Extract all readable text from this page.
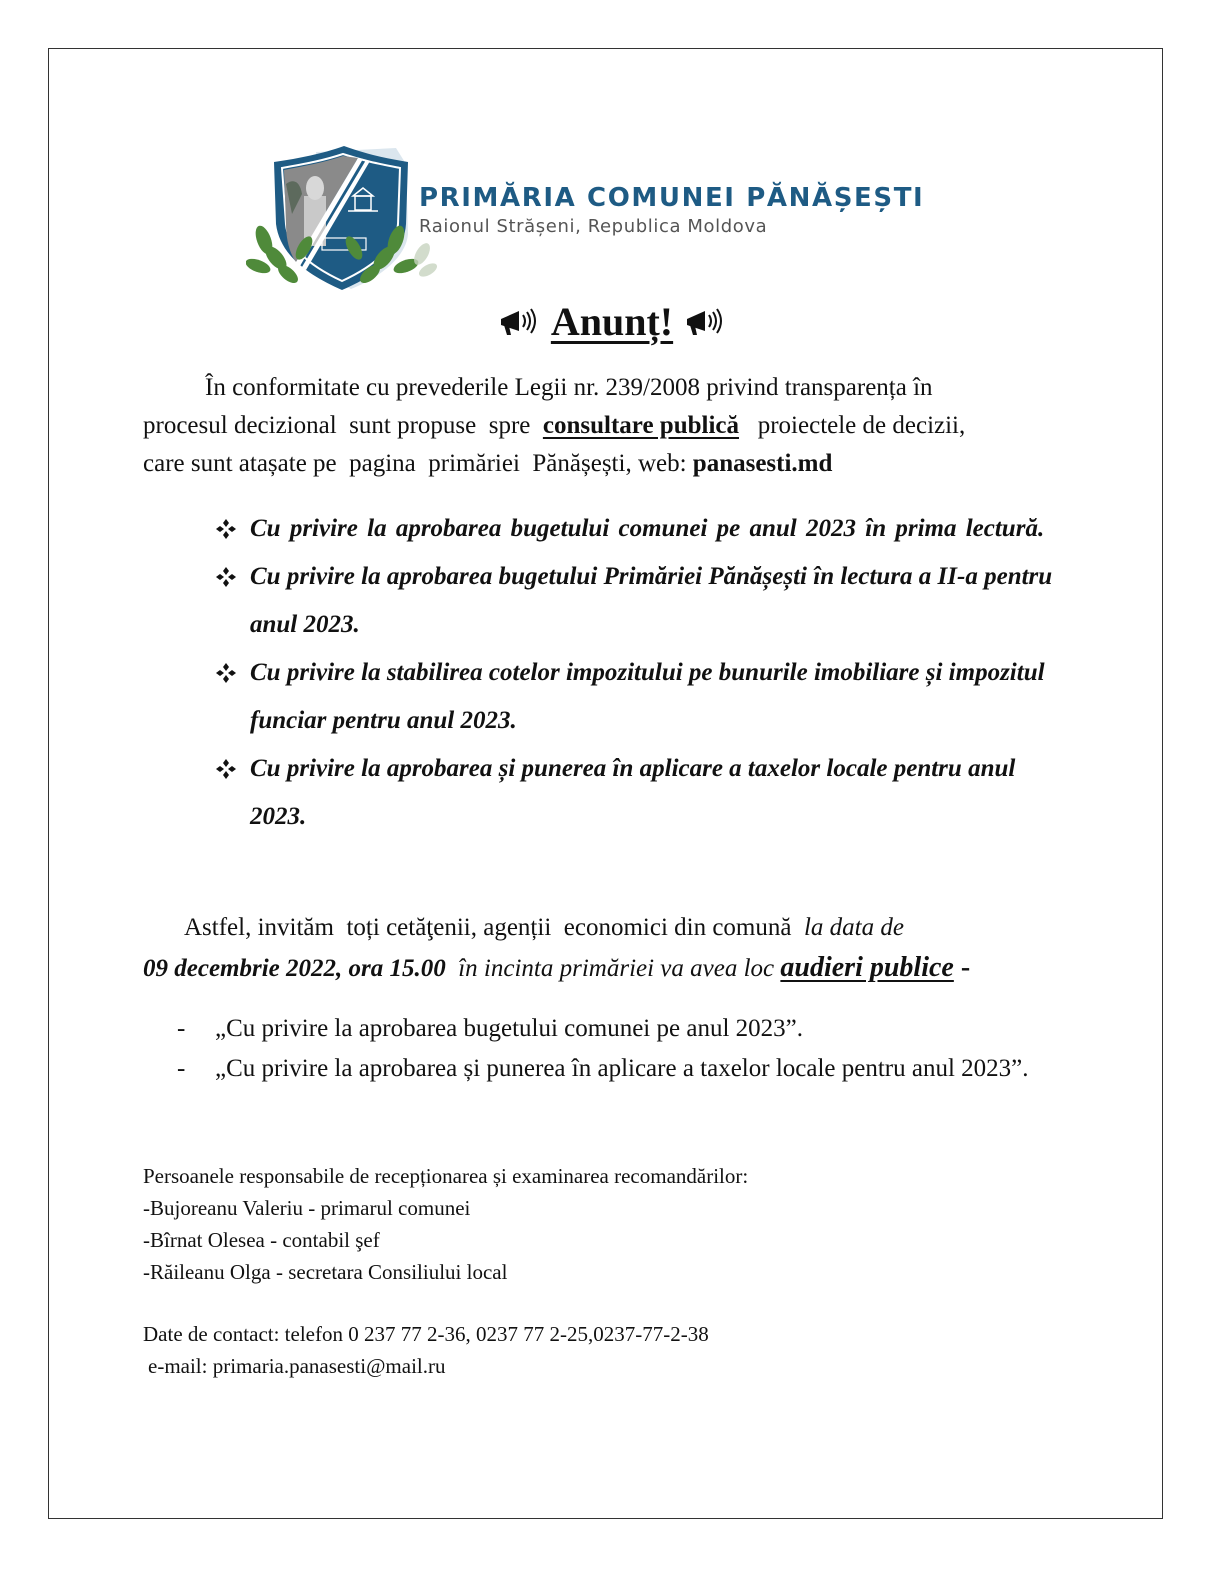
PRIMĂRIA COMUNEI PĂNĂȘEȘTI
Raionul Strășeni, Republica Moldova
Anunț!
În conformitate cu prevederile Legii nr. 239/2008 privind transparența în
procesul decizional  sunt propuse  spre  consultare publică   proiectele de decizii,
care sunt atașate pe  pagina  primăriei  Pănășești, web: panasesti.md
Cu privire la aprobarea bugetului comunei pe anul 2023 în prima lectură.
Cu privire la aprobarea bugetului Primăriei Pănășești în lectura a II-a pentru anul 2023.
Cu privire la stabilirea cotelor impozitului pe bunurile imobiliare și impozitul funciar pentru anul 2023.
Cu privire la aprobarea și punerea în aplicare a taxelor locale pentru anul 2023.
Astfel, invităm  toți cetăţenii, agenții  economici din comună  la data de
09 decembrie 2022, ora 15.00  în incinta primăriei va avea loc audieri publice -
- „Cu privire la aprobarea bugetului comunei pe anul 2023”.
- „Cu privire la aprobarea și punerea în aplicare a taxelor locale pentru anul 2023”.
Persoanele responsabile de recepționarea și examinarea recomandărilor:
-Bujoreanu Valeriu - primarul comunei
-Bîrnat Olesea - contabil şef
-Răileanu Olga - secretara Consiliului local
Date de contact: telefon 0 237 77 2-36, 0237 77 2-25,0237-77-2-38
e-mail: primaria.panasesti@mail.ru
